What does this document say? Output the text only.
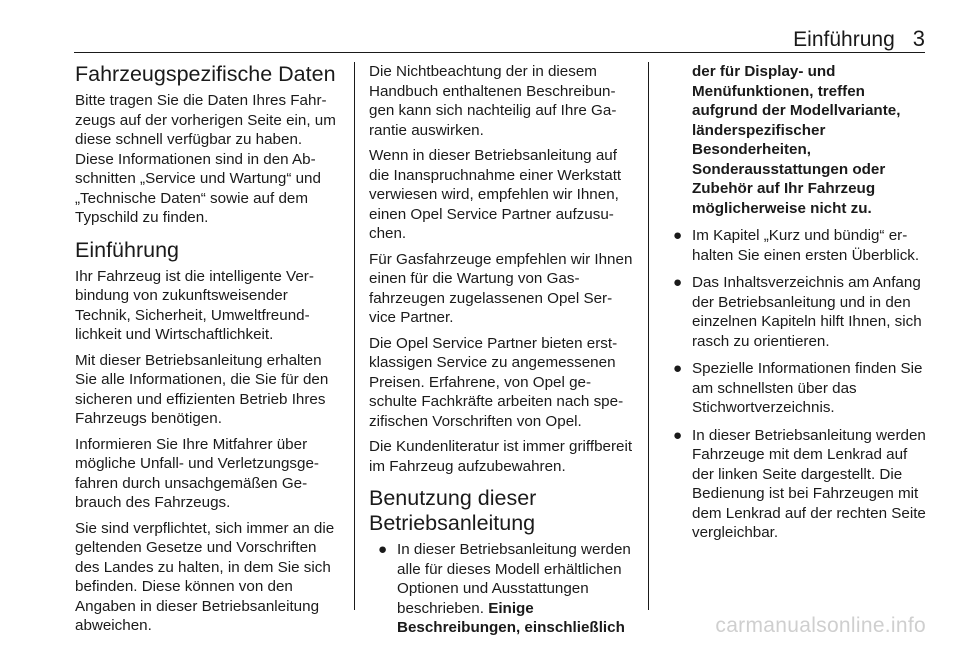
Einführung 3
Fahrzeugspezifische Daten

Bitte tragen Sie die Daten Ihres Fahrzeugs auf der vorherigen Seite ein, um diese schnell verfügbar zu haben. Diese Informationen sind in den Abschnitten „Service und Wartung“ und „Technische Daten“ sowie auf dem Typschild zu finden.

Einführung

Ihr Fahrzeug ist die intelligente Verbindung von zukunftsweisender Technik, Sicherheit, Umweltfreundlichkeit und Wirtschaftlichkeit.

Mit dieser Betriebsanleitung erhalten Sie alle Informationen, die Sie für den sicheren und effizienten Betrieb Ihres Fahrzeugs benötigen.

Informieren Sie Ihre Mitfahrer über mögliche Unfall- und Verletzungsgefahren durch unsachgemäßen Gebrauch des Fahrzeugs.

Sie sind verpflichtet, sich immer an die geltenden Gesetze und Vorschriften des Landes zu halten, in dem Sie sich befinden. Diese können von den Angaben in dieser Betriebsanleitung abweichen.

Die Nichtbeachtung der in diesem Handbuch enthaltenen Beschreibungen kann sich nachteilig auf Ihre Garantie auswirken.

Wenn in dieser Betriebsanleitung auf die Inanspruchnahme einer Werkstatt verwiesen wird, empfehlen wir Ihnen, einen Opel Service Partner aufzusuchen.

Für Gasfahrzeuge empfehlen wir Ihnen einen für die Wartung von Gasfahrzeugen zugelassenen Opel Service Partner.

Die Opel Service Partner bieten erstklassigen Service zu angemessenen Preisen. Erfahrene, von Opel geschulte Fachkräfte arbeiten nach spezifischen Vorschriften von Opel.

Die Kundenliteratur ist immer griffbereit im Fahrzeug aufzubewahren.

Benutzung dieser Betriebsanleitung
● In dieser Betriebsanleitung werden alle für dieses Modell erhältlichen Optionen und Ausstattungen beschrieben. Einige Beschreibungen, einschließlich

der für Display- und Menüfunktionen, treffen aufgrund der Modellvariante, länderspezifischer Besonderheiten, Sonderausstattungen oder Zubehör auf Ihr Fahrzeug möglicherweise nicht zu.

● Im Kapitel „Kurz und bündig“ erhalten Sie einen ersten Überblick.
● Das Inhaltsverzeichnis am Anfang der Betriebsanleitung und in den einzelnen Kapiteln hilft Ihnen, sich rasch zu orientieren.
● Spezielle Informationen finden Sie am schnellsten über das Stichwortverzeichnis.
● In dieser Betriebsanleitung werden Fahrzeuge mit dem Lenkrad auf der linken Seite dargestellt. Die Bedienung ist bei Fahrzeugen mit dem Lenkrad auf der rechten Seite vergleichbar.
carmanualsonline.info
